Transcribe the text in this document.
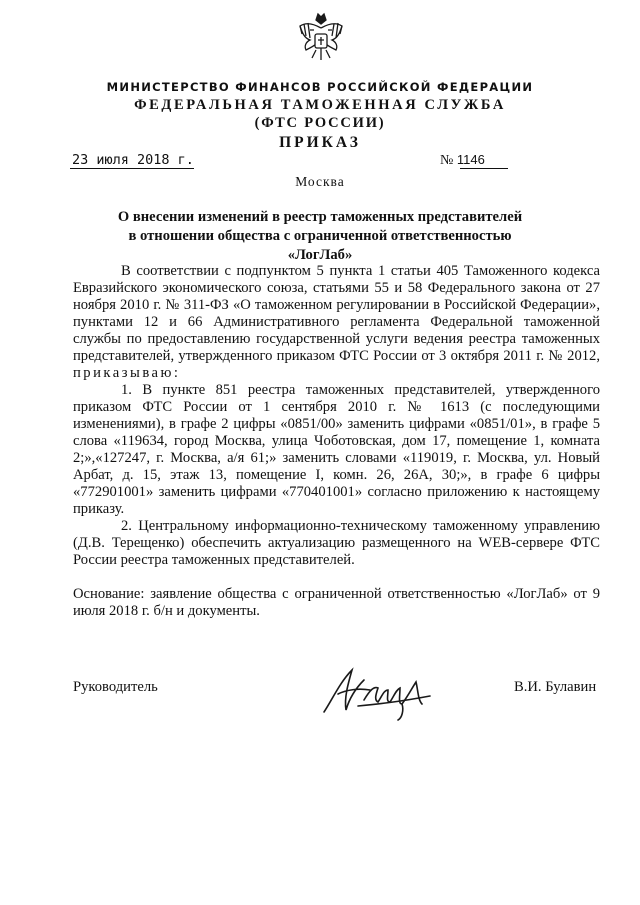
МИНИСТЕРСТВО ФИНАНСОВ РОССИЙСКОЙ ФЕДЕРАЦИИ
ФЕДЕРАЛЬНАЯ ТАМОЖЕННАЯ СЛУЖБА
(ФТС РОССИИ)
ПРИКАЗ
23 июля 2018 г.	№ 1146
Москва
О внесении изменений в реестр таможенных представителей
в отношении общества с ограниченной ответственностью
«ЛогЛаб»

В соответствии с подпунктом 5 пункта 1 статьи 405 Таможенного кодекса Евразийского экономического союза, статьями 55 и 58 Федерального закона от 27 ноября 2010 г. № 311-ФЗ «О таможенном регулировании в Российской Федерации», пунктами 12 и 66 Административного регламента Федеральной таможенной службы по предоставлению государственной услуги ведения реестра таможенных представителей, утвержденного приказом ФТС России от 3 октября 2011 г. № 2012, приказываю:

1. В пункте 851 реестра таможенных представителей, утвержденного приказом ФТС России от 1 сентября 2010 г. № 1613 (с последующими изменениями), в графе 2 цифры «0851/00» заменить цифрами «0851/01», в графе 5 слова «119634, город Москва, улица Чоботовская, дом 17, помещение 1, комната 2;»,«127247, г. Москва, а/я 61;» заменить словами «119019, г. Москва, ул. Новый Арбат, д. 15, этаж 13, помещение I, комн. 26, 26А, 30;», в графе 6 цифры «772901001» заменить цифрами «770401001» согласно приложению к настоящему приказу.

2. Центральному информационно-техническому таможенному управлению (Д.В. Терещенко) обеспечить актуализацию размещенного на WEB-сервере ФТС России реестра таможенных представителей.

Основание: заявление общества с ограниченной ответственностью «ЛогЛаб» от 9 июля 2018 г. б/н и документы.

Руководитель	В.И. Булавин
